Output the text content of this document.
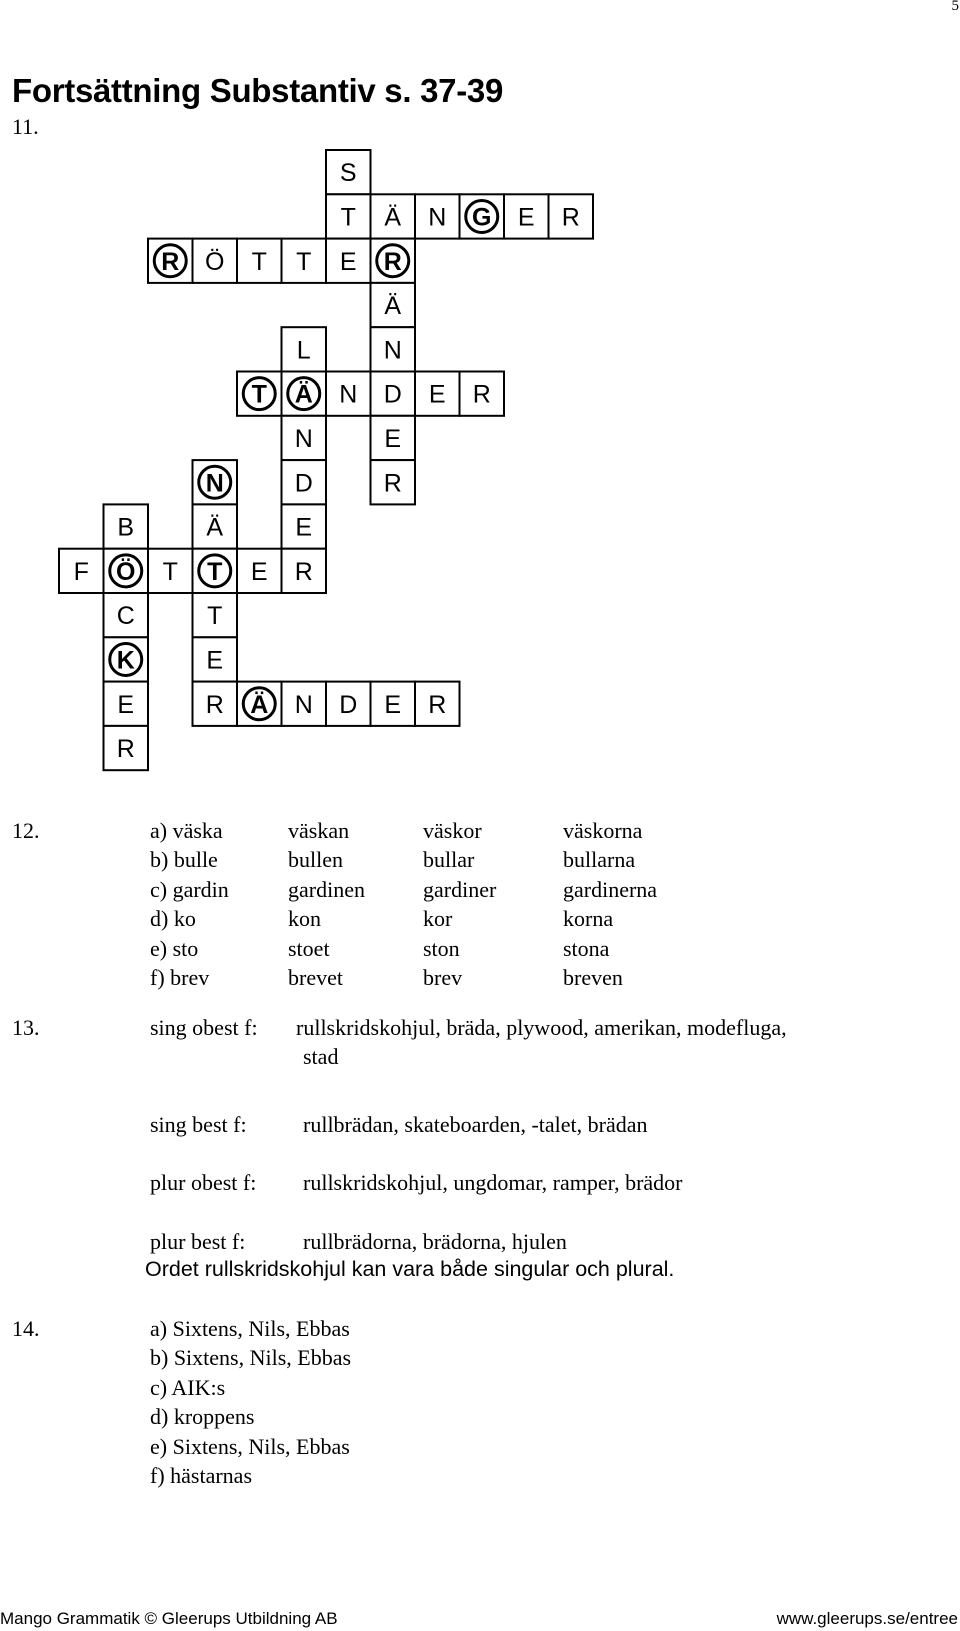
5
Fortsättning Substantiv s. 37-39
11.
S
T Ä N G E R
R Ö T T E R
Ä
L	N
T Ä N D E R
N	E
N	D	R
B	Ä	E
F Ö T T E R
C	T
K	E
E	R Ä N D E R
R
12.	a) väska	väskan	väskor	väskorna
b) bulle	bullen	bullar	bullarna
c) gardin	gardinen	gardiner	gardinerna
d) ko	kon	kor	korna
e) sto	stoet	ston	stona
f) brev	brevet	brev	breven
13.	sing obest f: rullskridskohjul, bräda, plywood, amerikan, modefluga,
stad
sing best f:	rullbrädan, skateboarden, -talet, brädan
plur obest f: rullskridskohjul, ungdomar, ramper, brädor
plur best f:	rullbrädorna, brädorna, hjulen
Ordet rullskridskohjul kan vara både singular och plural.
14.	a) Sixtens, Nils, Ebbas
b) Sixtens, Nils, Ebbas
c) AIK:s
d) kroppens
e) Sixtens, Nils, Ebbas
f) hästarnas
Mango Grammatik © Gleerups Utbildning AB	www.gleerups.se/entree
